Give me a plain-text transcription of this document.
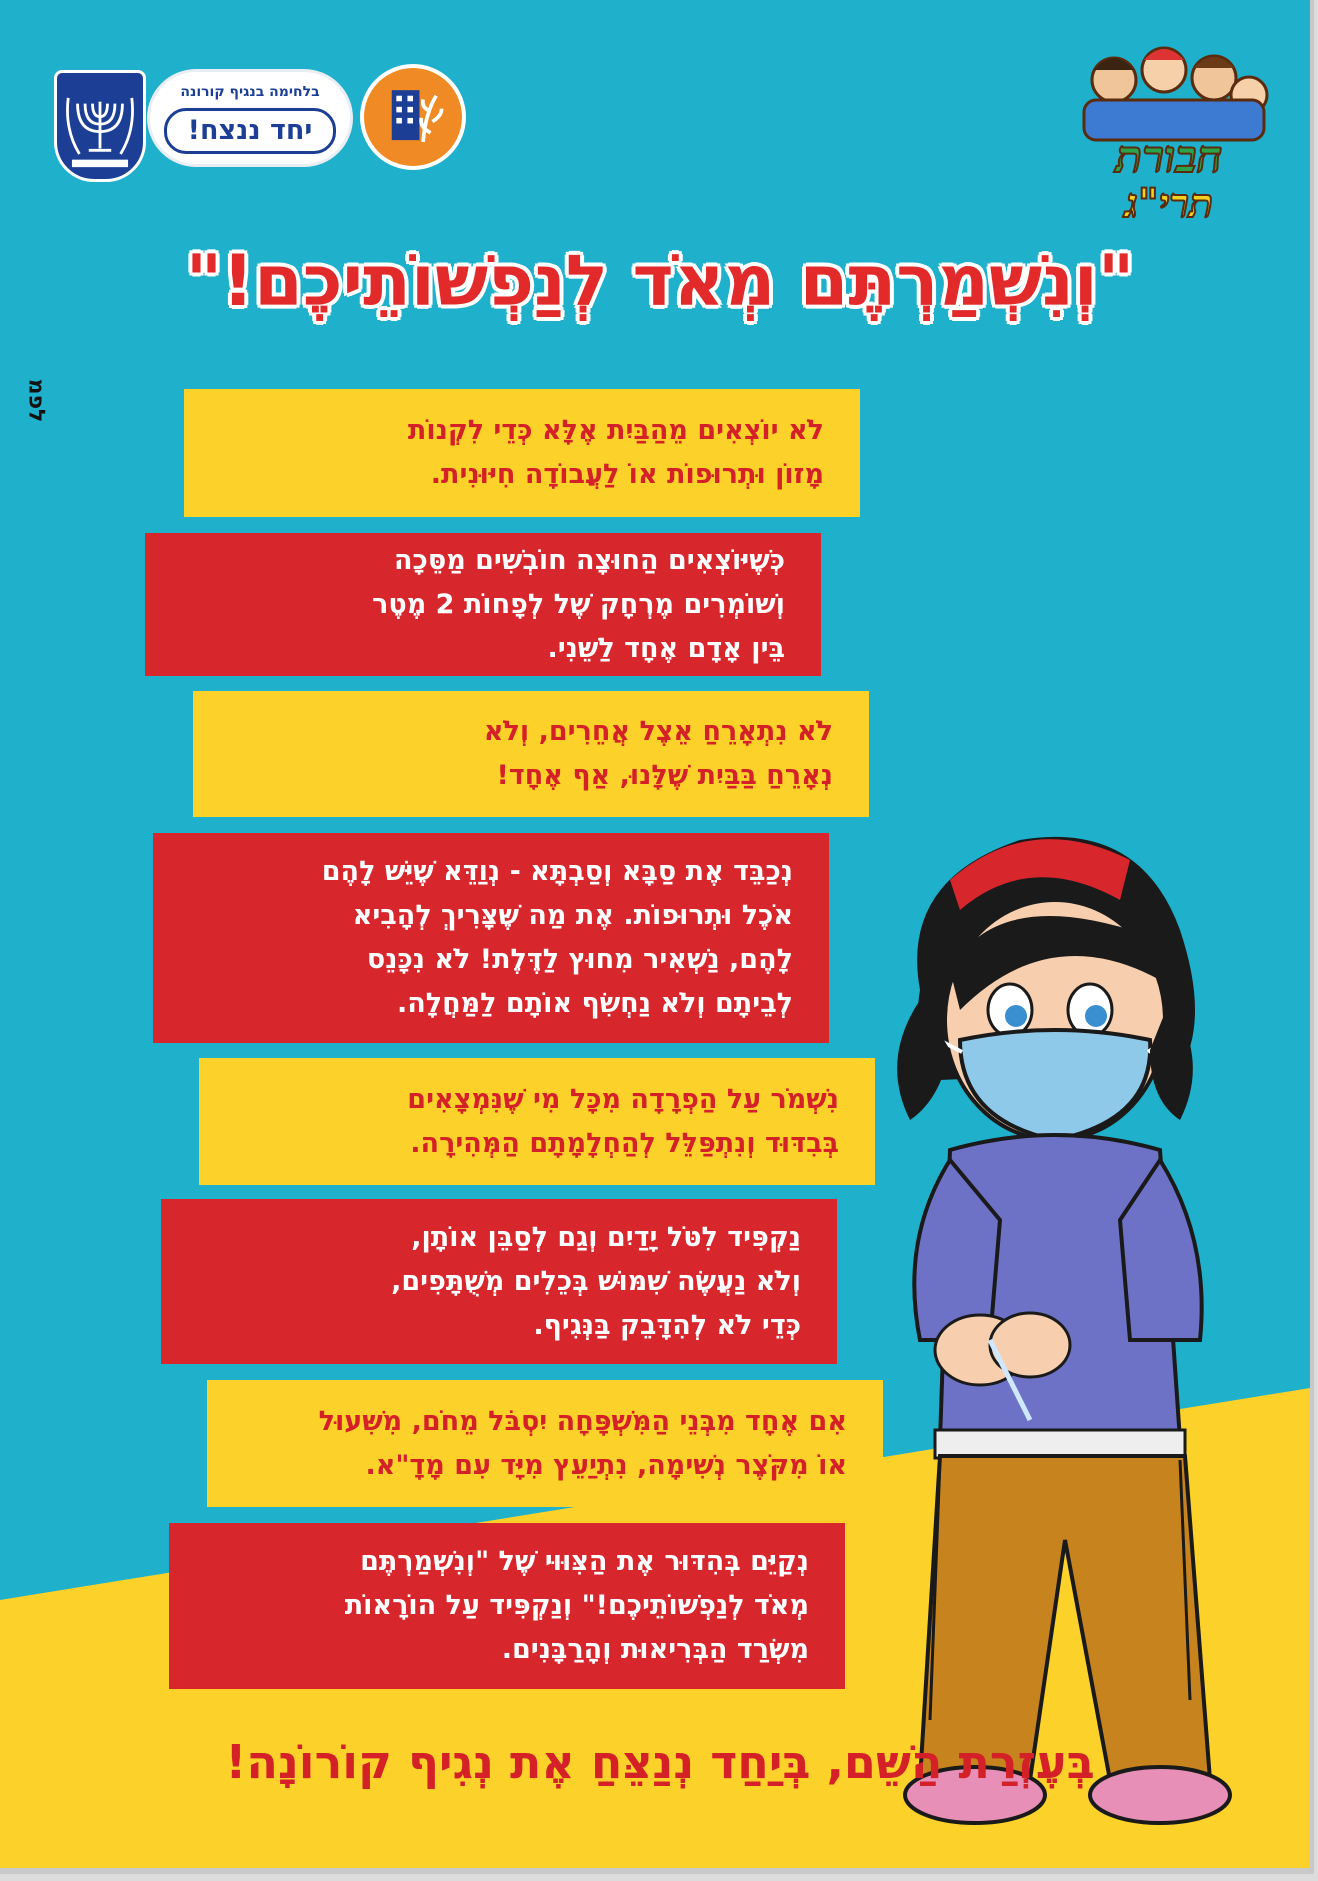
בלחימה בנגיף קורונה
יחד ננצח!
חבורת
תרי"ג
"וְנִשְׁמַרְתֶּם מְאֹד לְנַפְשׁוֹתֵיכֶם!"
לפמ
לֹא יוֹצְאִים מֵהַבַּיִת אֶלָּא כְּדֵי לִקְנוֹת
מָזוֹן וּתְרוּפוֹת אוֹ לַעֲבוֹדָה חִיּוּנִית.
כְּשֶׁיּוֹצְאִים הַחוּצָה חוֹבְשִׁים מַסֵּכָה
וְשׁוֹמְרִים מֶרְחָק שֶׁל לְפָחוֹת 2 מֶטֶר
בֵּין אָדָם אֶחָד לַשֵּׁנִי.
לֹא נִתְאָרֵחַ אֵצֶל אֲחֵרִים, וְלֹא
נְאָרֵחַ בַּבַּיִת שֶׁלָּנוּ, אַף אֶחָד!
נְכַבֵּד אֶת סַבָּא וְסַבְתָּא - נְוַדֵּא שֶׁיֵּשׁ לָהֶם
אֹכֶל וּתְרוּפוֹת. אֶת מַה שֶּׁצָּרִיךְ לְהָבִיא
לָהֶם, נַשְׁאִיר מִחוּץ לַדֶּלֶת! לֹא נִכָּנֵס
לְבֵיתָם וְלֹא נַחְשִׂף אוֹתָם לַמַּחֲלָה.
נִשְׁמֹר עַל הַפְרָדָה מִכָּל מִי שֶׁנִּמְצָאִים
בְּבִדּוּד וְנִתְפַּלֵּל לְהַחְלָמָתָם הַמְּהִירָה.
נַקְפִּיד לִטֹּל יָדַיִם וְגַם לְסַבֵּן אוֹתָן,
וְלֹא נַעֲשֶׂה שִׁמּוּשׁ בְּכֵלִים מְשֻׁתָּפִים,
כְּדֵי לֹא לְהִדָּבֵק בַּנְּגִיף.
אִם אֶחָד מִבְּנֵי הַמִּשְׁפָּחָה יִסְבֹּל מֵחֹם, מִשִּׁעוּל
אוֹ מִקֹּצֶר נְשִׁימָה, נִתְיַעֵץ מִיָּד עִם מָדָ"א.
נְקַיֵּם בְּהִדּוּר אֶת הַצִּוּוּי שֶׁל "וְנִשְׁמַרְתֶּם
מְאֹד לְנַפְשׁוֹתֵיכֶם!" וְנַקְפִּיד עַל הוֹרָאוֹת
מִשְׂרַד הַבְּרִיאוּת וְהָרַבָּנִים.
בְּעֶזְרַת הַשֵּׁם, בְּיַחַד נְנַצֵּחַ אֶת נְגִיף קוֹרוֹנָה!
